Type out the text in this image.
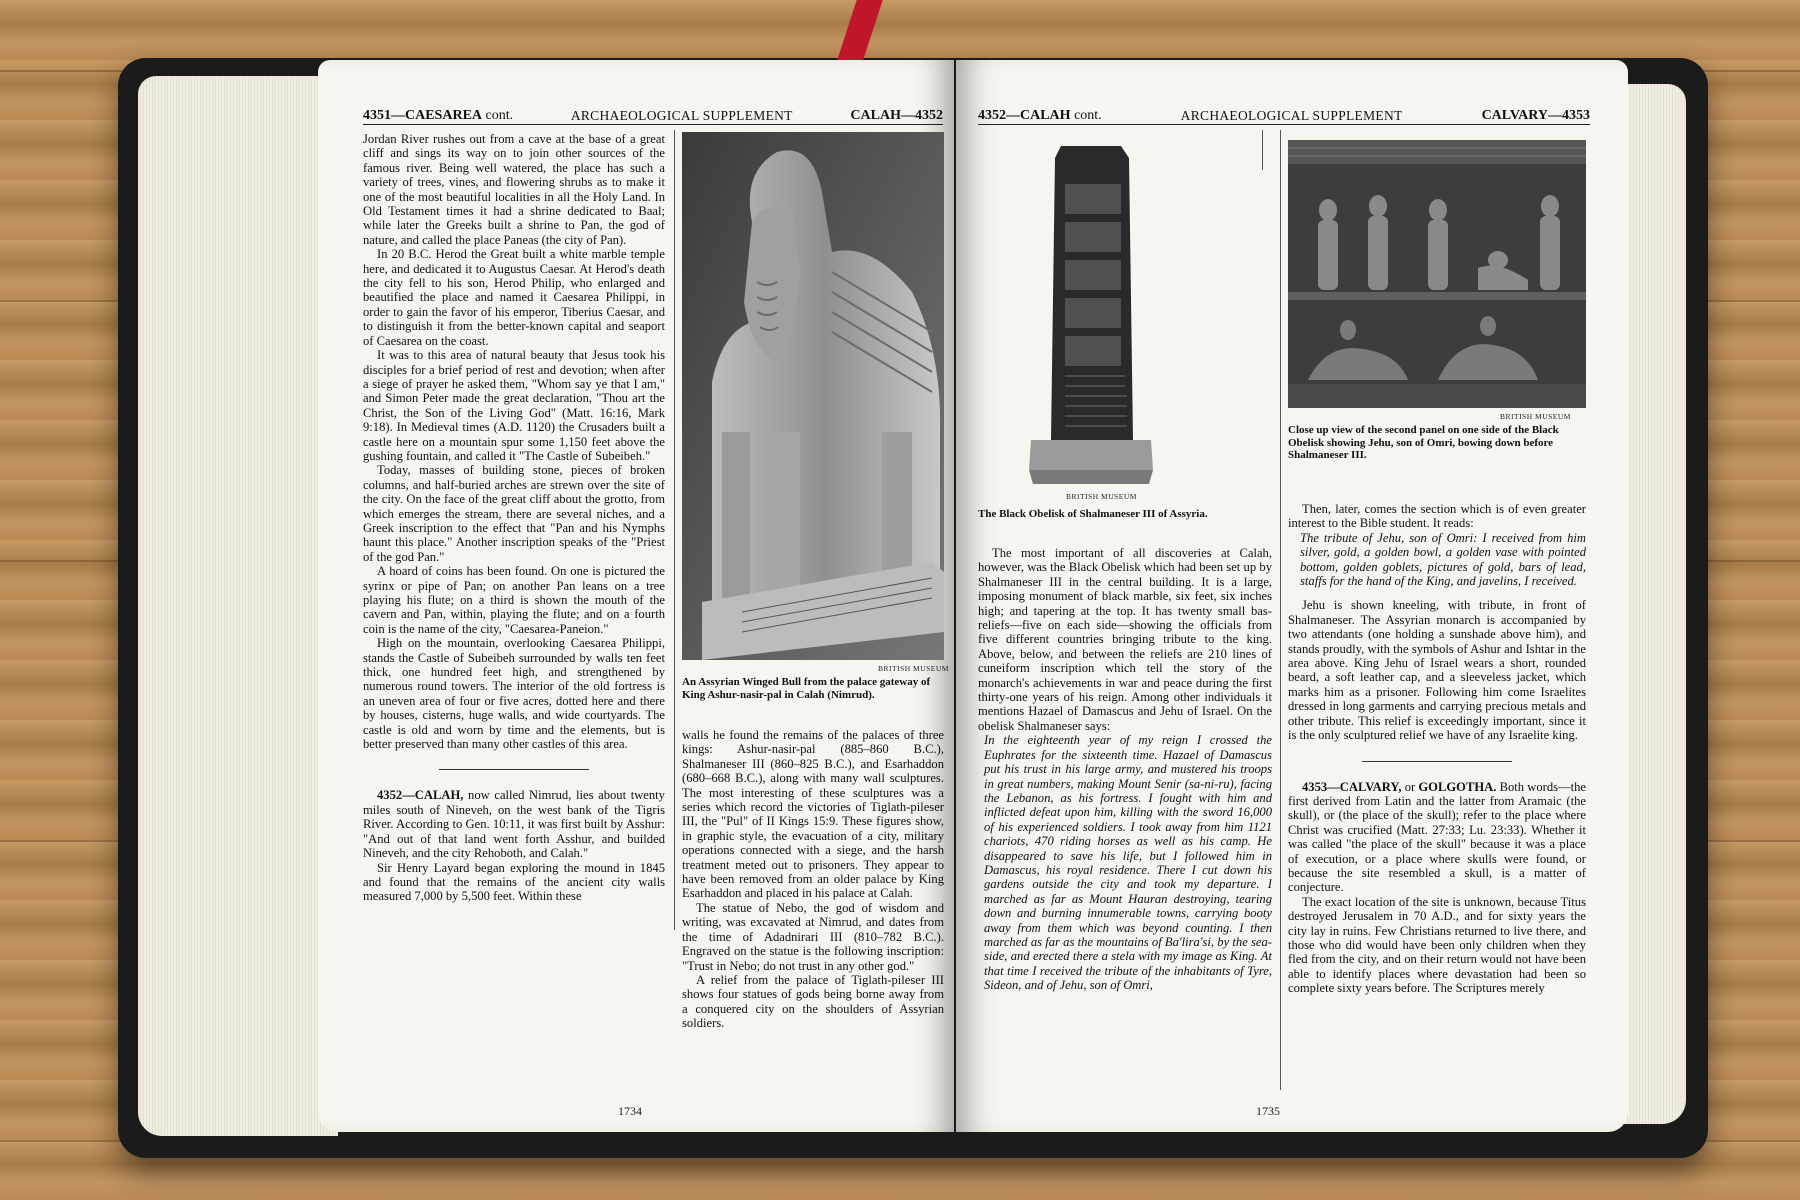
4351—CAESAREA cont.	ARCHAEOLOGICAL SUPPLEMENT	CALAH—4352

Jordan River rushes out from a cave at the base of a great cliff and sings its way on to join other sources of the famous river. Being well watered, the place has such a variety of trees, vines, and flowering shrubs as to make it one of the most beautiful localities in all the Holy Land. In Old Testament times it had a shrine dedicated to Baal; while later the Greeks built a shrine to Pan, the god of nature, and called the place Paneas (the city of Pan).

In 20 B.C. Herod the Great built a white marble temple here, and dedicated it to Augustus Caesar. At Herod's death the city fell to his son, Herod Philip, who enlarged and beautified the place and named it Caesarea Philippi, in order to gain the favor of his emperor, Tiberius Caesar, and to distinguish it from the better-known capital and seaport of Caesarea on the coast.

It was to this area of natural beauty that Jesus took his disciples for a brief period of rest and devotion; when after a siege of prayer he asked them, "Whom say ye that I am," and Simon Peter made the great declaration, "Thou art the Christ, the Son of the Living God" (Matt. 16:16, Mark 9:18). In Medieval times (A.D. 1120) the Crusaders built a castle here on a mountain spur some 1,150 feet above the gushing fountain, and called it "The Castle of Subeibeh."

Today, masses of building stone, pieces of broken columns, and half-buried arches are strewn over the site of the city. On the face of the great cliff about the grotto, from which emerges the stream, there are several niches, and a Greek inscription to the effect that "Pan and his Nymphs haunt this place." Another inscription speaks of the "Priest of the god Pan."

A hoard of coins has been found. On one is pictured the syrinx or pipe of Pan; on another Pan leans on a tree playing his flute; on a third is shown the mouth of the cavern and Pan, within, playing the flute; and on a fourth coin is the name of the city, "Caesarea-Paneion."

High on the mountain, overlooking Caesarea Philippi, stands the Castle of Subeibeh surrounded by walls ten feet thick, one hundred feet high, and strengthened by numerous round towers. The interior of the old fortress is an uneven area of four or five acres, dotted here and there by houses, cisterns, huge walls, and wide courtyards. The castle is old and worn by time and the elements, but is better preserved than many other castles of this area.

4352—CALAH, now called Nimrud, lies about twenty miles south of Nineveh, on the west bank of the Tigris River. According to Gen. 10:11, it was first built by Asshur: "And out of that land went forth Asshur, and builded Nineveh, and the city Rehoboth, and Calah."

Sir Henry Layard began exploring the mound in 1845 and found that the remains of the ancient city walls measured 7,000 by 5,500 feet. Within these

BRITISH MUSEUM
An Assyrian Winged Bull from the palace gateway of King Ashur-nasir-pal in Calah (Nimrud).

walls he found the remains of the palaces of three kings: Ashur-nasir-pal (885–860 B.C.), Shalmaneser III (860–825 B.C.), and Esarhaddon (680–668 B.C.), along with many wall sculptures. The most interesting of these sculptures was a series which record the victories of Tiglath-pileser III, the "Pul" of II Kings 15:9. These figures show, in graphic style, the evacuation of a city, military operations connected with a siege, and the harsh treatment meted out to prisoners. They appear to have been removed from an older palace by King Esarhaddon and placed in his palace at Calah.

The statue of Nebo, the god of wisdom and writing, was excavated at Nimrud, and dates from the time of Adadnirari III (810–782 B.C.). Engraved on the statue is the following inscription: "Trust in Nebo; do not trust in any other god."

A relief from the palace of Tiglath-pileser III shows four statues of gods being borne away from a conquered city on the shoulders of Assyrian soldiers.

1734
4352—CALAH cont.	ARCHAEOLOGICAL SUPPLEMENT	CALVARY—4353
BRITISH MUSEUM
The Black Obelisk of Shalmaneser III of Assyria.

The most important of all discoveries at Calah, however, was the Black Obelisk which had been set up by Shalmaneser III in the central building. It is a large, imposing monument of black marble, six feet, six inches high; and tapering at the top. It has twenty small bas-reliefs—five on each side—showing the officials from five different countries bringing tribute to the king. Above, below, and between the reliefs are 210 lines of cuneiform inscription which tell the story of the monarch's achievements in war and peace during the first thirty-one years of his reign. Among other individuals it mentions Hazael of Damascus and Jehu of Israel. On the obelisk Shalmaneser says:

In the eighteenth year of my reign I crossed the Euphrates for the sixteenth time. Hazael of Damascus put his trust in his large army, and mustered his troops in great numbers, making Mount Senir (sa-ni-ru), facing the Lebanon, as his fortress. I fought with him and inflicted defeat upon him, killing with the sword 16,000 of his experienced soldiers. I took away from him 1121 chariots, 470 riding horses as well as his camp. He disappeared to save his life, but I followed him in Damascus, his royal residence. There I cut down his gardens outside the city and took my departure. I marched as far as Mount Hauran destroying, tearing down and burning innumerable towns, carrying booty away from them which was beyond counting. I then marched as far as the mountains of Ba'lira'si, by the sea-side, and erected there a stela with my image as King. At that time I received the tribute of the inhabitants of Tyre, Sideon, and of Jehu, son of Omri,

BRITISH MUSEUM
Close up view of the second panel on one side of the Black Obelisk showing Jehu, son of Omri, bowing down before Shalmaneser III.

Then, later, comes the section which is of even greater interest to the Bible student. It reads:

The tribute of Jehu, son of Omri: I received from him silver, gold, a golden bowl, a golden vase with pointed bottom, golden goblets, pictures of gold, bars of lead, staffs for the hand of the King, and javelins, I received.

Jehu is shown kneeling, with tribute, in front of Shalmaneser. The Assyrian monarch is accompanied by two attendants (one holding a sunshade above him), and stands proudly, with the symbols of Ashur and Ishtar in the area above. King Jehu of Israel wears a short, rounded beard, a soft leather cap, and a sleeveless jacket, which marks him as a prisoner. Following him come Israelites dressed in long garments and carrying precious metals and other tribute. This relief is exceedingly important, since it is the only sculptured relief we have of any Israelite king.

4353—CALVARY, or GOLGOTHA. Both words—the first derived from Latin and the latter from Aramaic (the skull), or (the place of the skull); refer to the place where Christ was crucified (Matt. 27:33; Lu. 23:33). Whether it was called "the place of the skull" because it was a place of execution, or a place where skulls were found, or because the site resembled a skull, is a matter of conjecture.

The exact location of the site is unknown, because Titus destroyed Jerusalem in 70 A.D., and for sixty years the city lay in ruins. Few Christians returned to live there, and those who did would have been only children when they fled from the city, and on their return would not have been able to identify places where devastation had been so complete sixty years before. The Scriptures merely

1735
